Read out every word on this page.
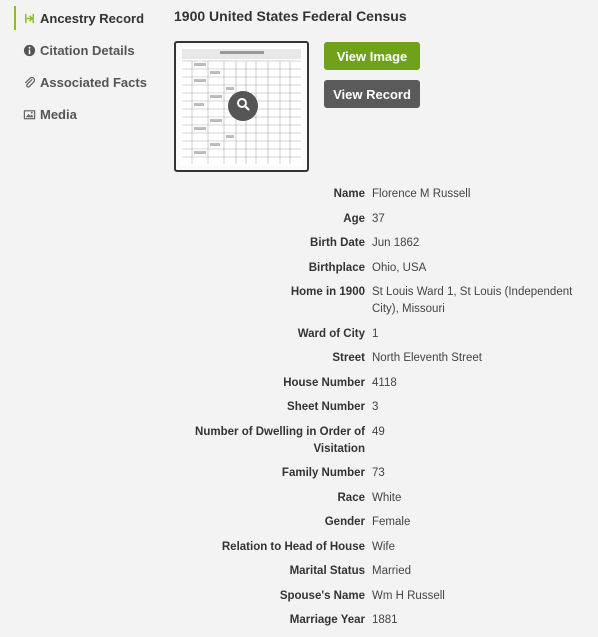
Ancestry Record
Citation Details
Associated Facts
Media
1900 United States Federal Census
View Image
View Record
Name Florence M Russell
Age 37
Birth Date Jun 1862
Birthplace Ohio, USA
Home in 1900 St Louis Ward 1, St Louis (Independent City), Missouri
Ward of City 1
Street North Eleventh Street
House Number 4118
Sheet Number 3
Number of Dwelling in Order of Visitation
49
Family Number 73
Race White
Gender Female
Relation to Head of House Wife
Marital Status Married
Spouse's Name Wm H Russell
Marriage Year 1881
